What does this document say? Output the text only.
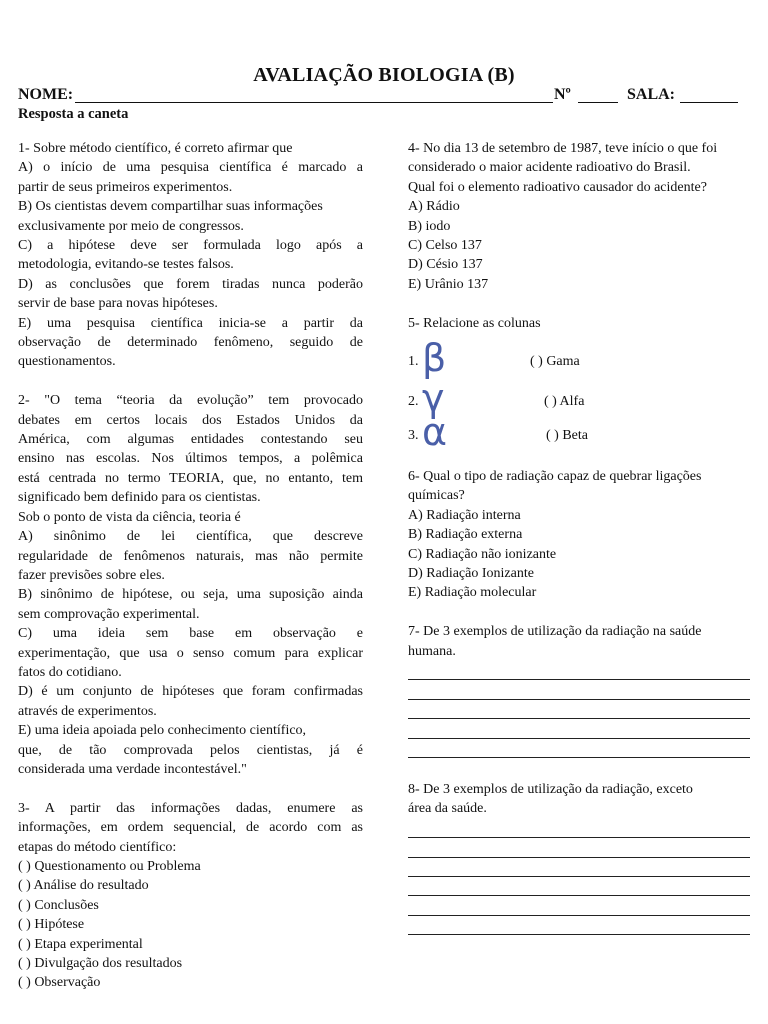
AVALIAÇÃO BIOLOGIA (B)
NOME:	Nº	SALA:
Resposta a caneta

1- Sobre método científico, é correto afirmar que

A) o início de uma pesquisa científica é marcado a

partir de seus primeiros experimentos.

B) Os cientistas devem compartilhar suas informações

exclusivamente por meio de congressos.

C) a hipótese deve ser formulada logo após a

metodologia, evitando-se testes falsos.

D) as conclusões que forem tiradas nunca poderão

servir de base para novas hipóteses.

E) uma pesquisa científica inicia-se a partir da

observação de determinado fenômeno, seguido de

questionamentos.

2- "O tema “teoria da evolução” tem provocado

debates em certos locais dos Estados Unidos da

América, com algumas entidades contestando seu

ensino nas escolas. Nos últimos tempos, a polêmica

está centrada no termo TEORIA, que, no entanto, tem

significado bem definido para os cientistas.

Sob o ponto de vista da ciência, teoria é

A) sinônimo de lei científica, que descreve

regularidade de fenômenos naturais, mas não permite

fazer previsões sobre eles.

B) sinônimo de hipótese, ou seja, uma suposição ainda

sem comprovação experimental.

C) uma ideia sem base em observação e

experimentação, que usa o senso comum para explicar

fatos do cotidiano.

D) é um conjunto de hipóteses que foram confirmadas

através de experimentos.

E) uma ideia apoiada pelo conhecimento científico,

que, de tão comprovada pelos cientistas, já é

considerada uma verdade incontestável."

3- A partir das informações dadas, enumere as

informações, em ordem sequencial, de acordo com as

etapas do método científico:

( ) Questionamento ou Problema

( ) Análise do resultado

( ) Conclusões

( ) Hipótese

( ) Etapa experimental

( ) Divulgação dos resultados

( ) Observação

4- No dia 13 de setembro de 1987, teve início o que foi

considerado o maior acidente radioativo do Brasil.

Qual foi o elemento radioativo causador do acidente?

A) Rádio

B) iodo

C) Celso 137

D) Césio 137

E) Urânio 137

5- Relacione as colunas

1. β	( ) Gama
2. γ	( ) Alfa
3. α	( ) Beta

6- Qual o tipo de radiação capaz de quebrar ligações

químicas?

A) Radiação interna

B) Radiação externa

C) Radiação não ionizante

D) Radiação Ionizante

E) Radiação molecular

7- De 3 exemplos de utilização da radiação na saúde

humana.

8- De 3 exemplos de utilização da radiação, exceto

área da saúde.
